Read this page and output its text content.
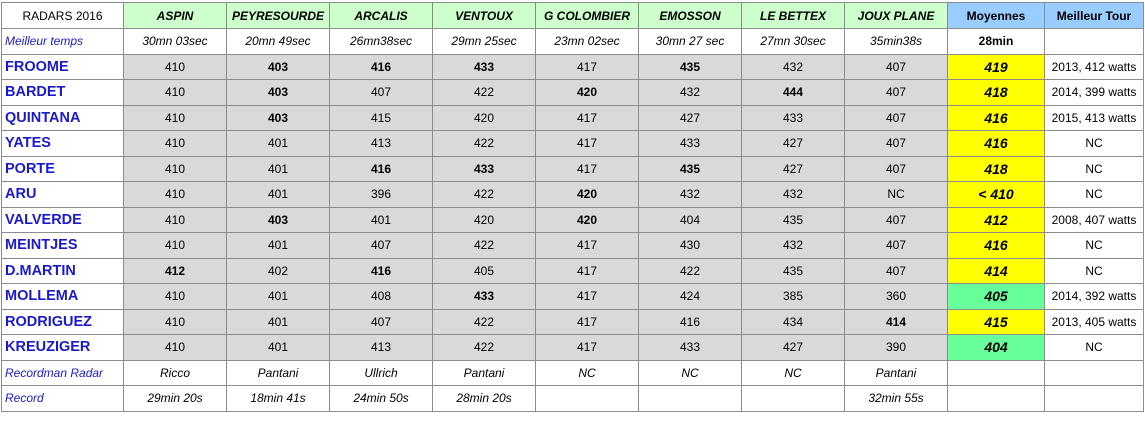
RADARS 2016	ASPIN	PEYRESOURDE	ARCALIS	VENTOUX	G COLOMBIER	EMOSSON	LE BETTEX	JOUX PLANE	Moyennes	Meilleur Tour
Meilleur temps	30mn 03sec	20mn 49sec	26mn38sec	29mn 25sec	23mn 02sec	30mn 27 sec	27mn 30sec	35min38s	28min	
FROOME	410	403	416	433	417	435	432	407	419	2013, 412 watts
BARDET	410	403	407	422	420	432	444	407	418	2014, 399 watts
QUINTANA	410	403	415	420	417	427	433	407	416	2015, 413 watts
YATES	410	401	413	422	417	433	427	407	416	NC
PORTE	410	401	416	433	417	435	427	407	418	NC
ARU	410	401	396	422	420	432	432	NC	< 410	NC
VALVERDE	410	403	401	420	420	404	435	407	412	2008, 407 watts
MEINTJES	410	401	407	422	417	430	432	407	416	NC
D.MARTIN	412	402	416	405	417	422	435	407	414	NC
MOLLEMA	410	401	408	433	417	424	385	360	405	2014, 392 watts
RODRIGUEZ	410	401	407	422	417	416	434	414	415	2013, 405 watts
KREUZIGER	410	401	413	422	417	433	427	390	404	NC
Recordman Radar	Ricco	Pantani	Ullrich	Pantani	NC	NC	NC	Pantani		
Record	29min 20s	18min 41s	24min 50s	28min 20s				32min 55s		
